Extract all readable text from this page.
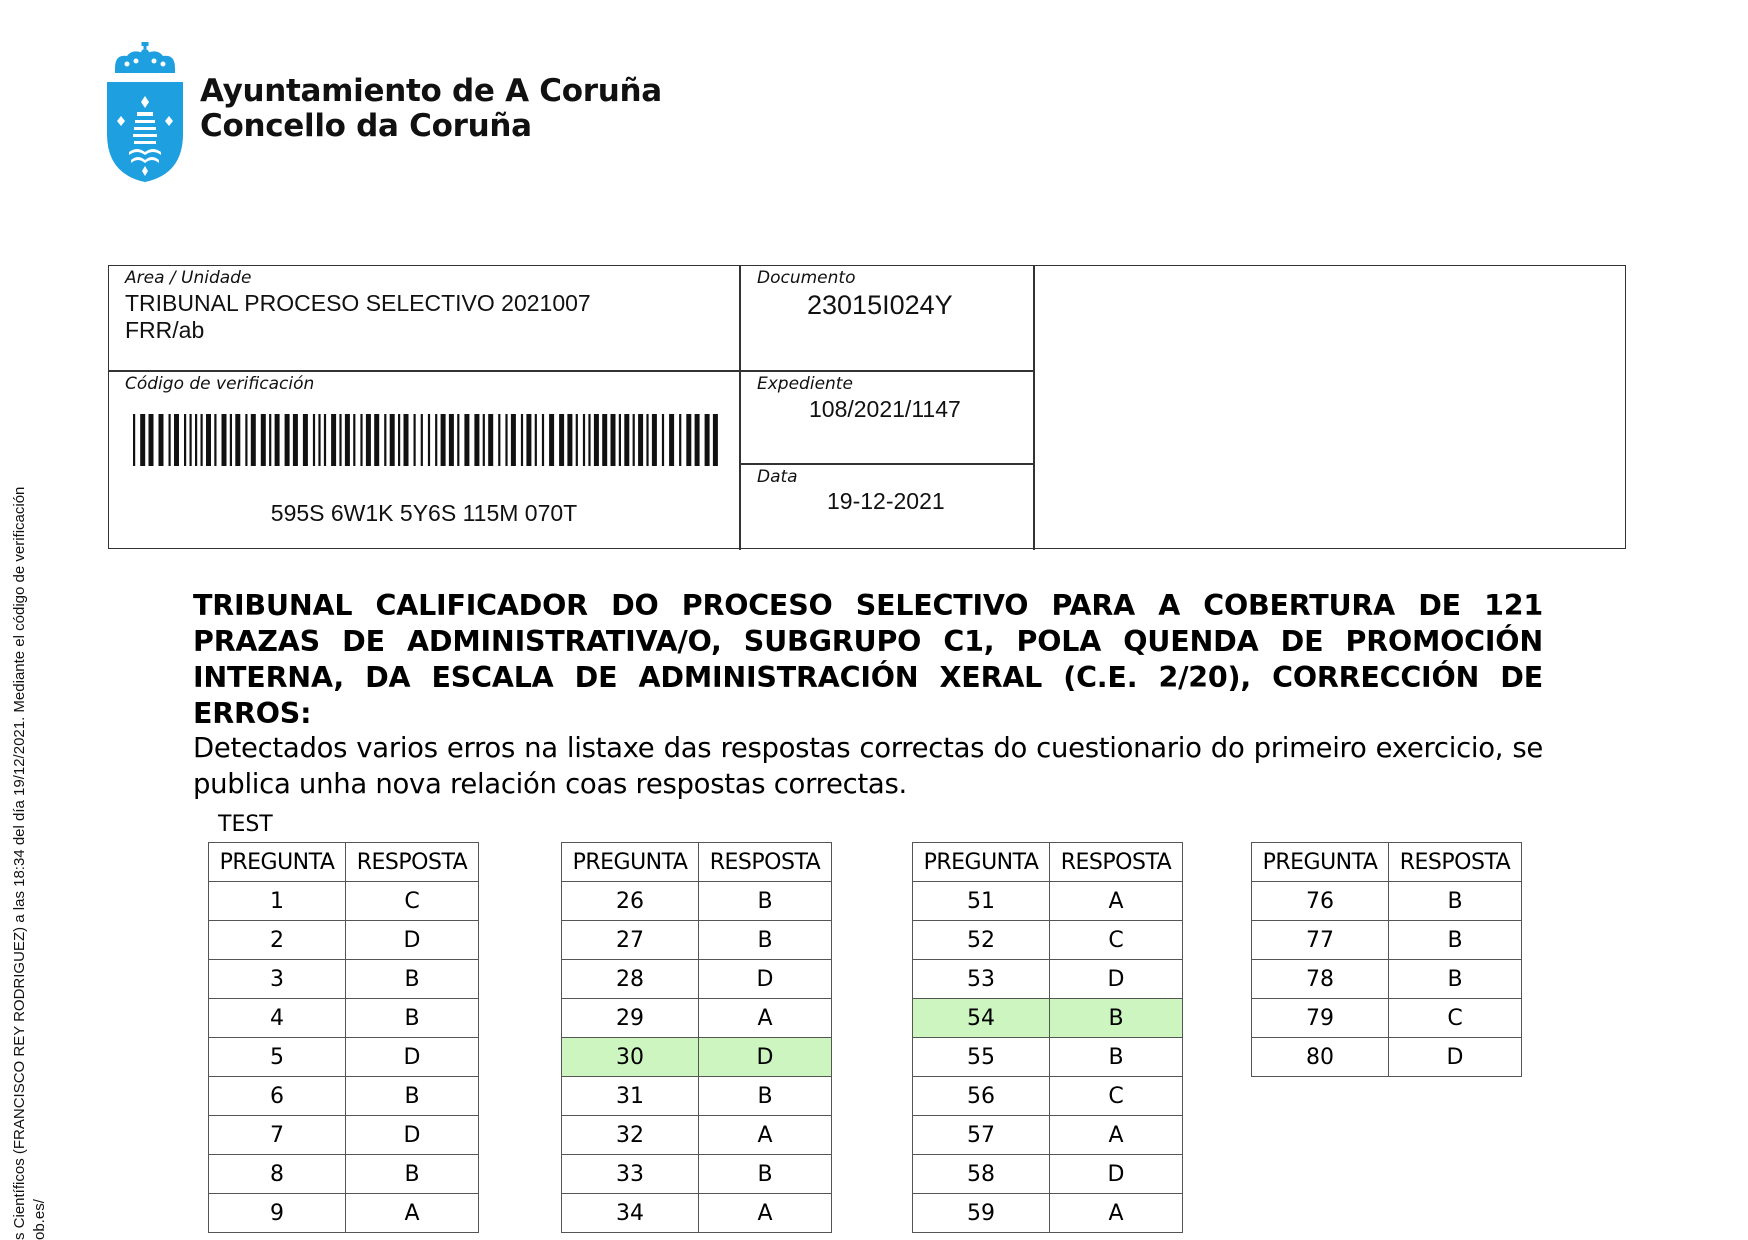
s Científicos (FRANCISCO REY RODRIGUEZ) a las 18:34 del día 19/12/2021. Mediante el código de verificación ob.es/
Ayuntamiento de A Coruña
Concello da Coruña
Area / Unidade
TRIBUNAL PROCESO SELECTIVO 2021007
FRR/ab
Documento
23015I024Y
Código de verificación
595S 6W1K 5Y6S 115M 070T
Expediente
108/2021/1147
Data
19-12-2021
TRIBUNAL CALIFICADOR DO PROCESO SELECTIVO PARA A COBERTURA DE 121 PRAZAS DE ADMINISTRATIVA/O, SUBGRUPO C1, POLA QUENDA DE PROMOCIÓN INTERNA, DA ESCALA DE ADMINISTRACIÓN XERAL (C.E. 2/20), CORRECCIÓN DE ERROS:
Detectados varios erros na listaxe das respostas correctas do cuestionario do primeiro exercicio, se publica unha nova relación coas respostas correctas.
TEST
PREGUNTA	RESPOSTA
1	C
2	D
3	B
4	B
5	D
6	B
7	D
8	B
9	A
PREGUNTA	RESPOSTA
26	B
27	B
28	D
29	A
30	D
31	B
32	A
33	B
34	A
PREGUNTA	RESPOSTA
51	A
52	C
53	D
54	B
55	B
56	C
57	A
58	D
59	A
PREGUNTA	RESPOSTA
76	B
77	B
78	B
79	C
80	D
